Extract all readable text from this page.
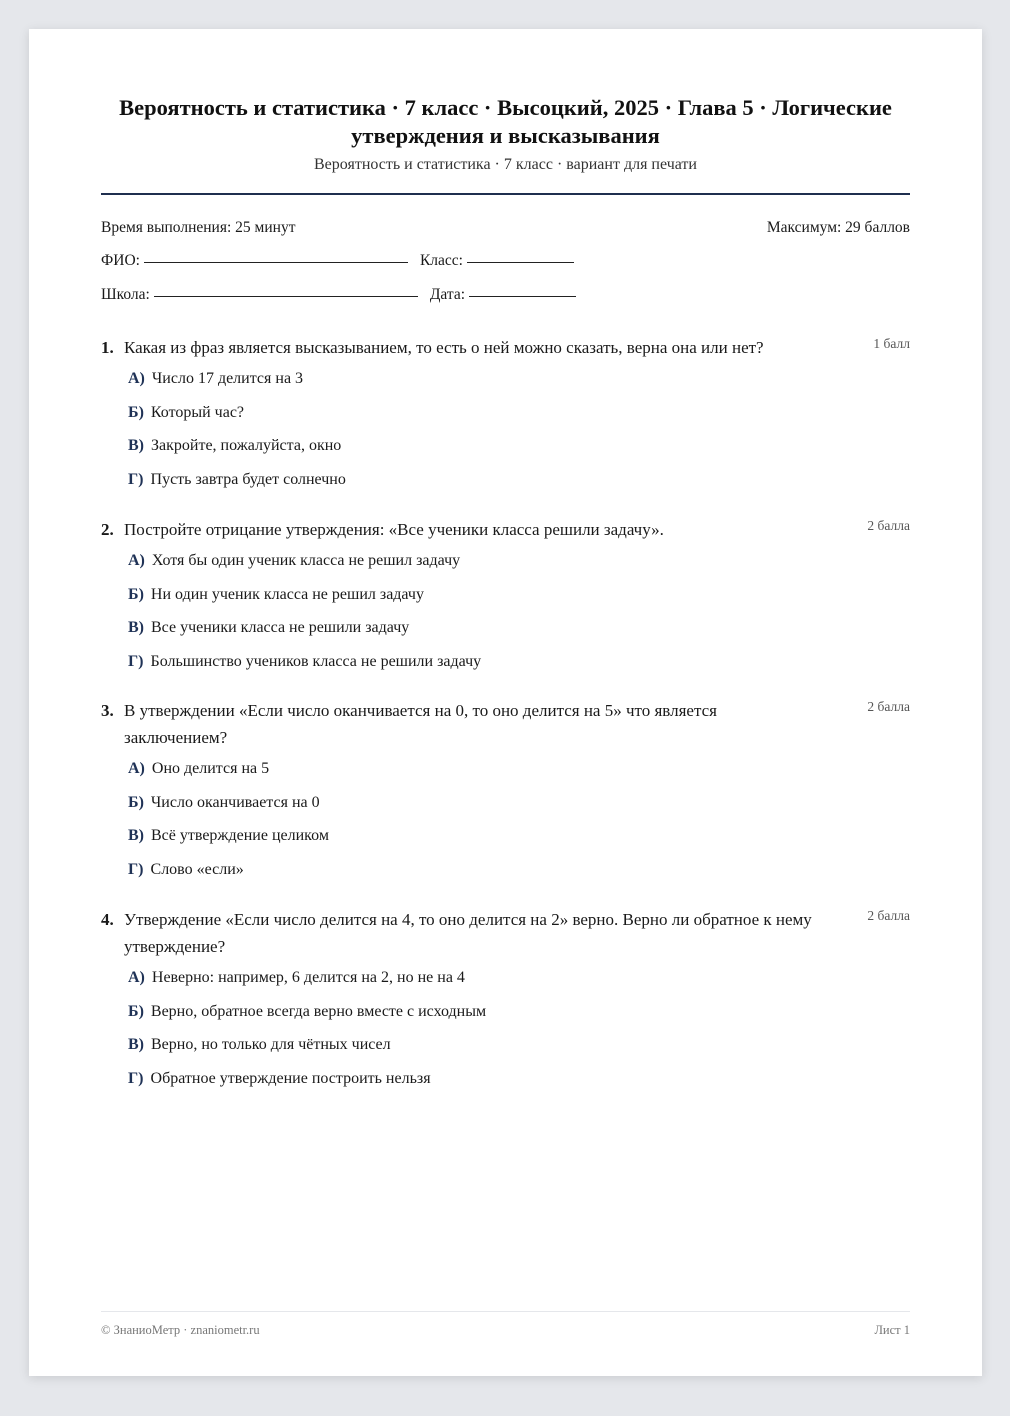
Вероятность и статистика · 7 класс · Высоцкий, 2025 · Глава 5 · Логические утверждения и высказывания
Вероятность и статистика · 7 класс · вариант для печати
Время выполнения: 25 минут	Максимум: 29 баллов
ФИО:	Класс:
Школа:	Дата:
1. Какая из фраз является высказыванием, то есть о ней можно сказать, верна она или нет?	1 балл
А) Число 17 делится на 3
Б) Который час?
В) Закройте, пожалуйста, окно
Г) Пусть завтра будет солнечно
2. Постройте отрицание утверждения: «Все ученики класса решили задачу».	2 балла
А) Хотя бы один ученик класса не решил задачу
Б) Ни один ученик класса не решил задачу
В) Все ученики класса не решили задачу
Г) Большинство учеников класса не решили задачу
3. В утверждении «Если число оканчивается на 0, то оно делится на 5» что является заключением?
2 балла
А) Оно делится на 5
Б) Число оканчивается на 0
В) Всё утверждение целиком
Г) Слово «если»
4. Утверждение «Если число делится на 4, то оно делится на 2» верно. Верно ли обратное к нему утверждение?
2 балла
А) Неверно: например, 6 делится на 2, но не на 4
Б) Верно, обратное всегда верно вместе с исходным
В) Верно, но только для чётных чисел
Г) Обратное утверждение построить нельзя
© ЗнаниоМетр · znaniometr.ru	Лист 1
